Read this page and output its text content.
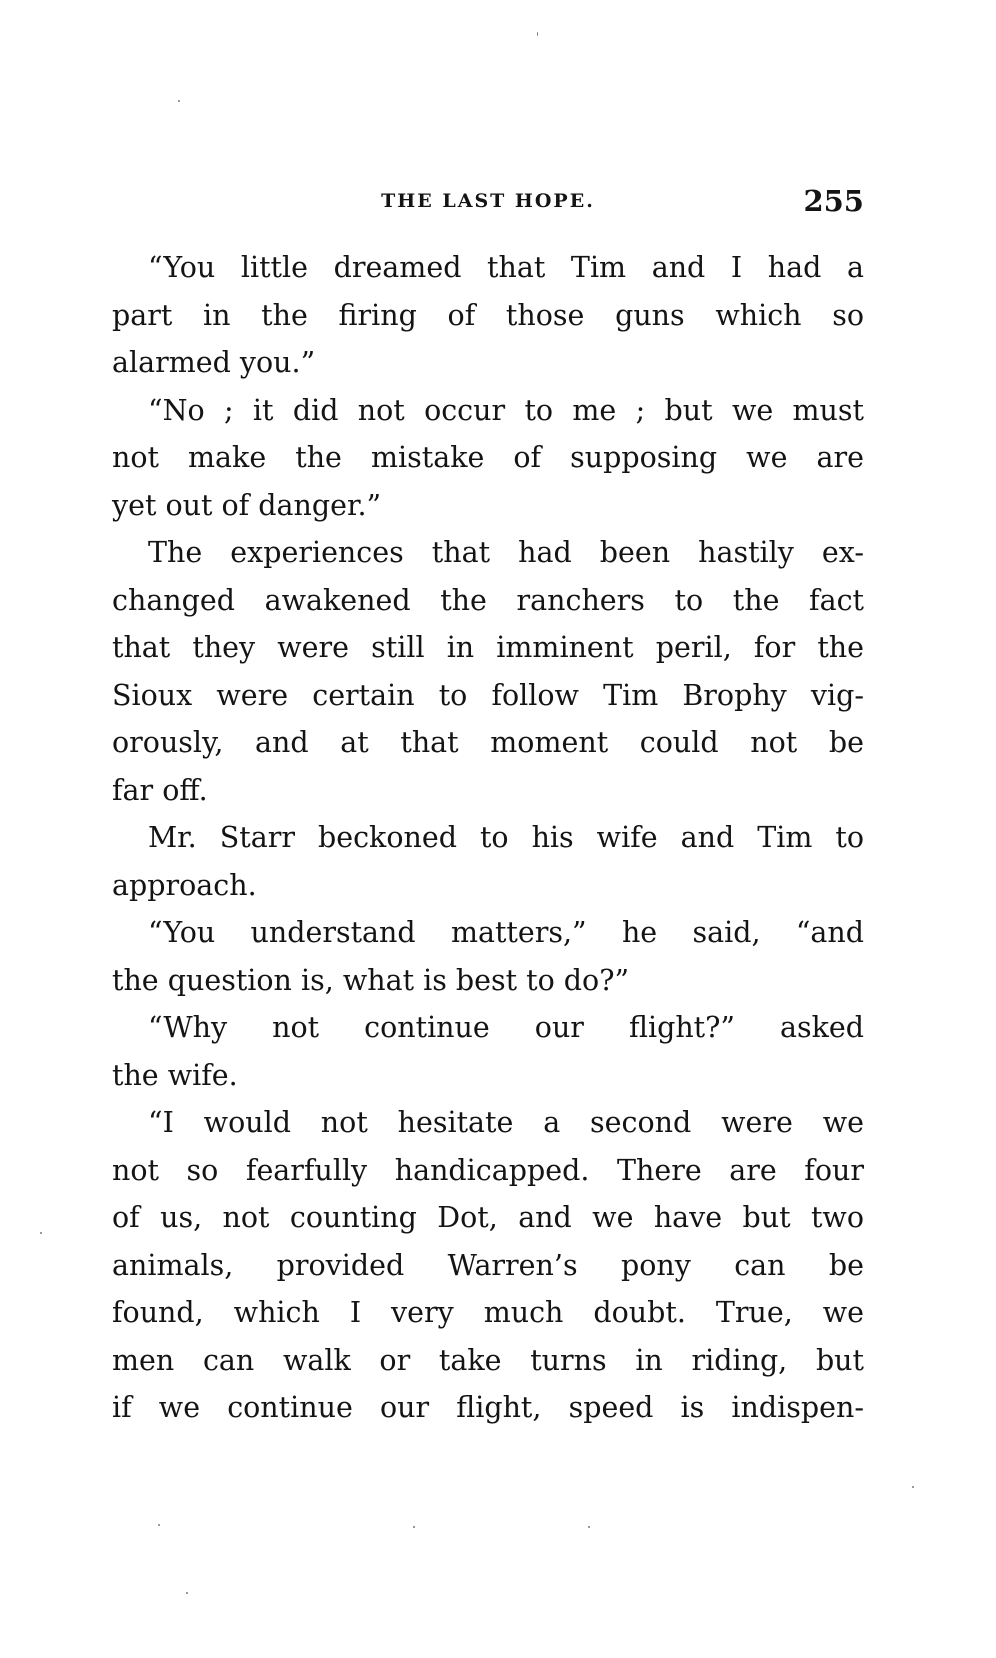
THE LAST HOPE.	255
“You little dreamed that Tim and I had a
part in the firing of those guns which so
alarmed you.”
“No ; it did not occur to me ; but we must
not make the mistake of supposing we are
yet out of danger.”
The experiences that had been hastily ex-
changed awakened the ranchers to the fact
that they were still in imminent peril, for the
Sioux were certain to follow Tim Brophy vig-
orously, and at that moment could not be
far off.
Mr. Starr beckoned to his wife and Tim to
approach.
“You understand matters,” he said, “and
the question is, what is best to do?”
“Why not continue our flight?” asked
the wife.
“I would not hesitate a second were we
not so fearfully handicapped. There are four
of us, not counting Dot, and we have but two
animals, provided Warren’s pony can be
found, which I very much doubt. True, we
men can walk or take turns in riding, but
if we continue our flight, speed is indispen-
